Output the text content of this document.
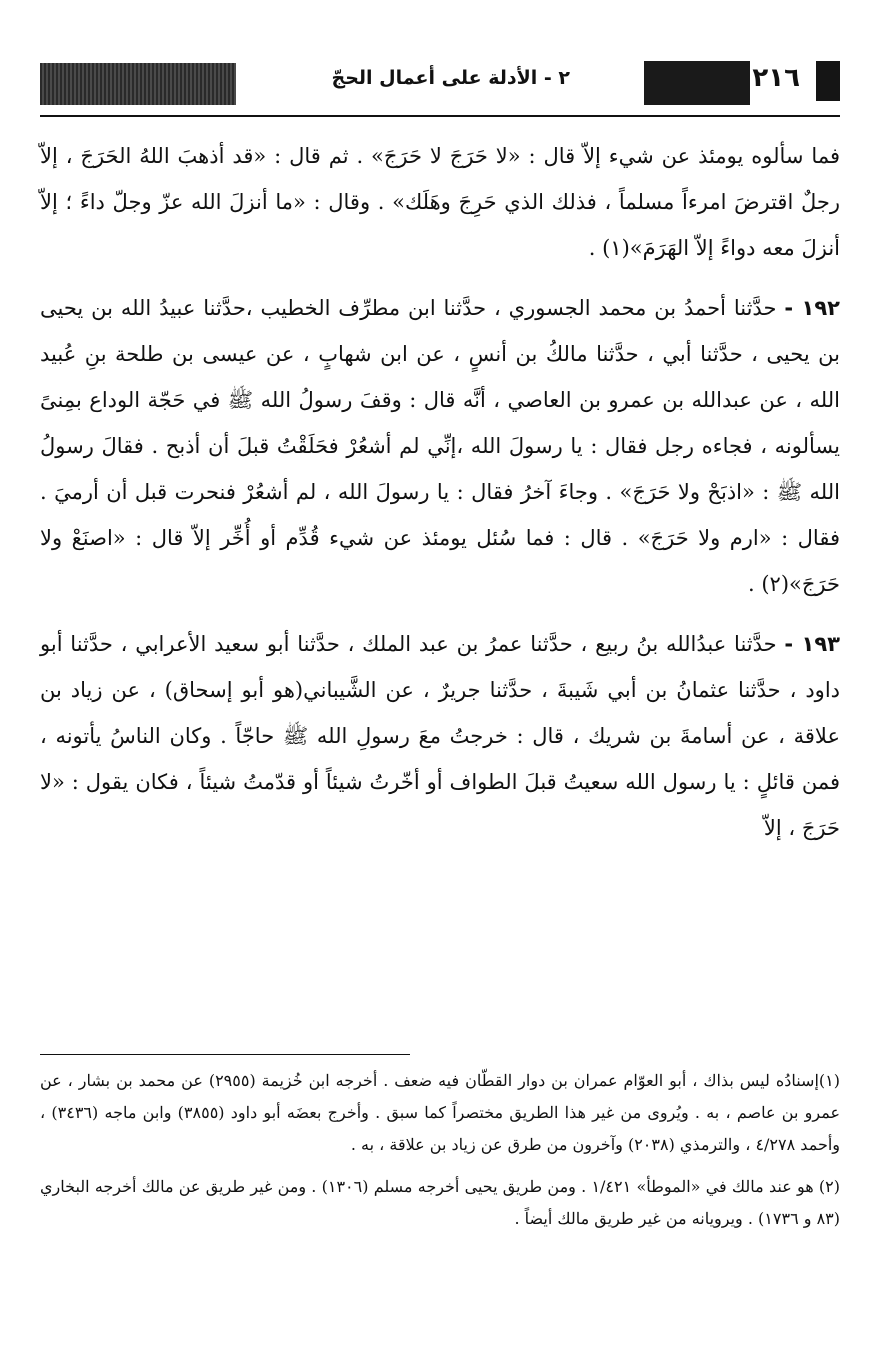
٢١٦
٢ - الأدلة على أعمال الحجّ

فما سألوه يومئذ عن شيء إلاّ قال : «لا حَرَجَ لا حَرَجَ» . ثم قال : «قد أذهبَ اللهُ الحَرَجَ ، إلاّ رجلٌ اقترضَ امرءاً مسلماً ، فذلك الذي حَرِجَ وهَلَك» . وقال : «ما أنزلَ الله عزّ وجلّ داءً ؛ إلاّ أنزلَ معه دواءً إلاّ الهَرَمَ»(١) .

١٩٢ - حدَّثنا أحمدُ بن محمد الجسوري ، حدَّثنا ابن مطرِّف الخطيب ،حدَّثنا عبيدُ الله بن يحيى بن يحيى ، حدَّثنا أبي ، حدَّثنا مالكُ بن أنسٍ ، عن ابن شهابٍ ، عن عيسى بن طلحة بنِ عُبيد الله ، عن عبدالله بن عمرو بن العاصي ، أنَّه قال : وقفَ رسولُ الله ﷺ في حَجّة الوداع بمِنىً يسألونه ، فجاءه رجل فقال : يا رسولَ الله ،إنِّي لم أشعُرْ فحَلَقْتُ قبلَ أن أذبح . فقالَ رسولُ الله ﷺ : «اذبَحْ ولا حَرَجَ» . وجاءَ آخرُ فقال : يا رسولَ الله ، لم أشعُرْ فنحرت قبل أن أرميَ . فقال : «ارم ولا حَرَجَ» . قال : فما سُئل يومئذ عن شيء قُدِّم أو أُخِّر إلاّ قال : «اصنَعْ ولا حَرَجَ»(٢) .

١٩٣ - حدَّثنا عبدُالله بنُ ربيع ، حدَّثنا عمرُ بن عبد الملك ، حدَّثنا أبو سعيد الأعرابي ، حدَّثنا أبو داود ، حدَّثنا عثمانُ بن أبي شَيبةَ ، حدَّثنا جريرٌ ، عن الشَّيباني(هو أبو إسحاق) ، عن زياد بن علاقة ، عن أسامةَ بن شريك ، قال : خرجتُ معَ رسولِ الله ﷺ حاجّاً . وكان الناسُ يأتونه ، فمن قائلٍ : يا رسول الله سعيتُ قبلَ الطواف أو أخّرتُ شيئاً أو قدّمتُ شيئاً ، فكان يقول : «لا حَرَجَ ، إلاّ

(١)إسنادُه ليس بذاك ، أبو العوّام عمران بن دوار القطّان فيه ضعف . أخرجه ابن خُزيمة (٢٩٥٥) عن محمد بن بشار ، عن عمرو بن عاصم ، به . ويُروى من غير هذا الطريق مختصراً كما سبق . وأخرج بعضَه أبو داود (٣٨٥٥) وابن ماجه (٣٤٣٦) ، وأحمد ٤/٢٧٨ ، والترمذي (٢٠٣٨) وآخرون من طرق عن زياد بن علاقة ، به .

(٢) هو عند مالك في «الموطأ» ١/٤٢١ . ومن طريق يحيى أخرجه مسلم (١٣٠٦) . ومن غير طريق عن مالك أخرجه البخاري (٨٣ و ١٧٣٦) . ويرويانه من غير طريق مالك أيضاً .
